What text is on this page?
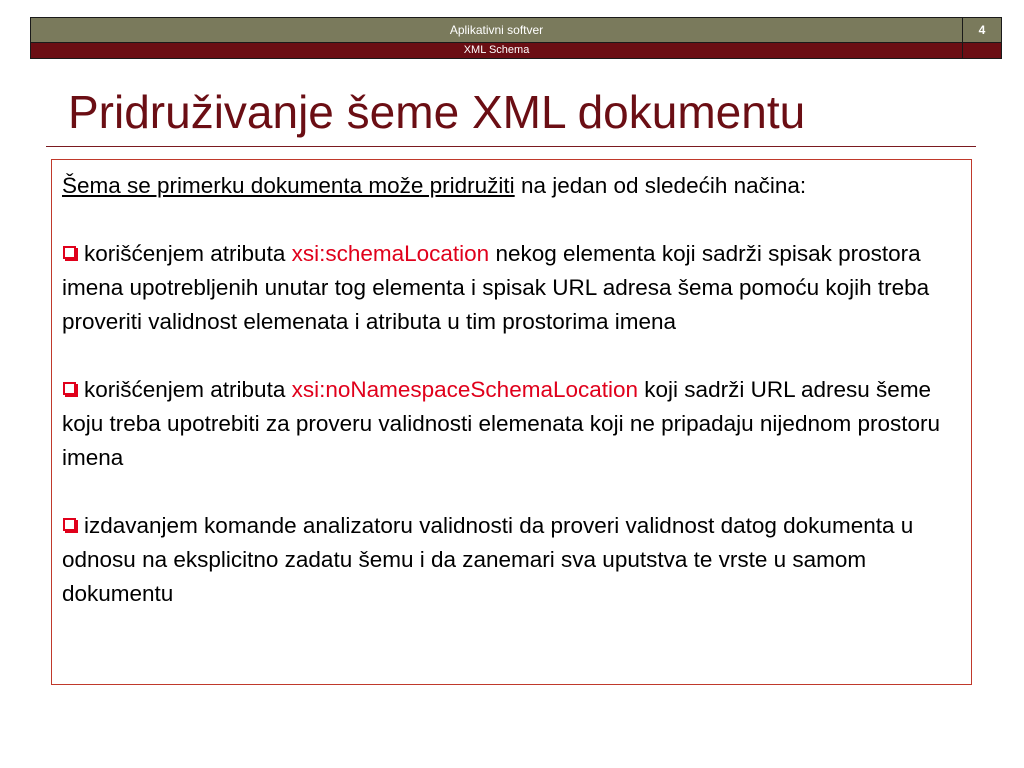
Aplikativni softver	4
XML Schema
Pridruživanje šeme XML dokumentu

Šema se primerku dokumenta može pridružiti na jedan od sledećih načina:

korišćenjem atributa xsi:schemaLocation nekog elementa koji sadrži spisak prostora imena upotrebljenih unutar tog elementa i spisak URL adresa šema pomoću kojih treba proveriti validnost elemenata i atributa u tim prostorima imena

korišćenjem atributa xsi:noNamespaceSchemaLocation koji sadrži URL adresu šeme koju treba upotrebiti za proveru validnosti elemenata koji ne pripadaju nijednom prostoru imena

izdavanjem komande analizatoru validnosti da proveri validnost datog dokumenta u odnosu na eksplicitno zadatu šemu i da zanemari sva uputstva te vrste u samom dokumentu
